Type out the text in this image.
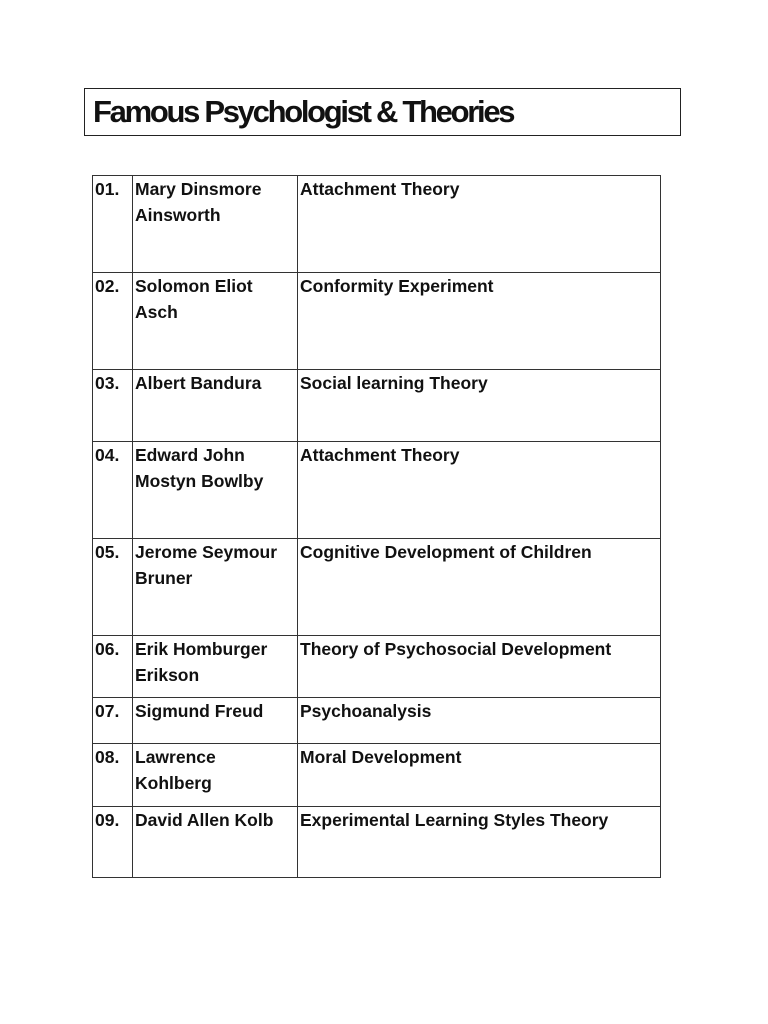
Famous Psychologist & Theories
01.	Mary Dinsmore Ainsworth	Attachment Theory
02.	Solomon Eliot Asch	Conformity Experiment
03.	Albert Bandura	Social learning Theory
04.	Edward John Mostyn Bowlby	Attachment Theory
05.	Jerome Seymour Bruner	Cognitive Development of Children
06.	Erik Homburger Erikson	Theory of Psychosocial Development
07.	Sigmund Freud	Psychoanalysis
08.	Lawrence Kohlberg	Moral Development
09.	David Allen Kolb	Experimental Learning Styles Theory
